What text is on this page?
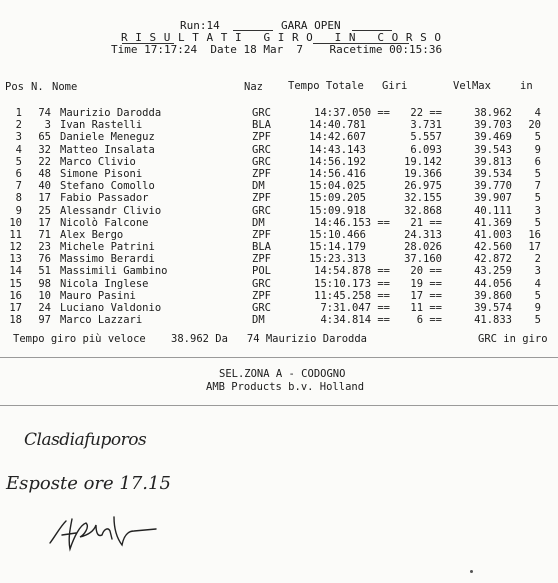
Run:14	GARA OPEN
R I S U L T A T I   G I R O   I N   C O R S O
Time 17:17:24  Date 18 Mar  7    Racetime 00:15:36
Pos N. Nome	Naz Tempo Totale Giri	VelMax	in
1 74 Maurizio Darodda	GRC	14:37.050 == 22 ==	38.962 4
2 3 Ivan Rastelli	BLA	14:40.781	3.731	39.703 20
3 65 Daniele Meneguz	ZPF	14:42.607	5.557	39.469 5
4 32 Matteo Insalata	GRC	14:43.143	6.093	39.543 9
5 22 Marco Clivio	GRC	14:56.192	19.142	39.813 6
6 48 Simone Pisoni	ZPF	14:56.416	19.366	39.534 5
7 40 Stefano Comollo	DM	15:04.025	26.975	39.770 7
8 17 Fabio Passador	ZPF	15:09.205	32.155	39.907 5
9 25 Alessandr Clivio	GRC	15:09.918	32.868	40.111 3
10 17 Nicolò Falcone	DM	14:46.153 == 21 ==	41.369 5
11 71 Alex Bergo	ZPF	15:10.466	24.313	41.003 16
12 23 Michele Patrini	BLA	15:14.179	28.026	42.560 17
13 76 Massimo Berardi	ZPF	15:23.313	37.160	42.872 2
14 51 Massimili Gambino	POL	14:54.878 == 20 ==	43.259 3
15 98 Nicola Inglese	GRC	15:10.173 == 19 ==	44.056 4
16 10 Mauro Pasini	ZPF	11:45.258 == 17 ==	39.860 5
17 24 Luciano Valdonio	GRC	7:31.047 == 11 ==	39.574 9
18 97 Marco Lazzari	DM	4:34.814 ==	6 ==	41.833 5
Tempo giro più veloce    38.962 Da   74 Maurizio Darodda	GRC in giro
SEL.ZONA A - CODOGNO
AMB Products b.v. Holland
Clasdiafuporos
Esposte ore 17.15
